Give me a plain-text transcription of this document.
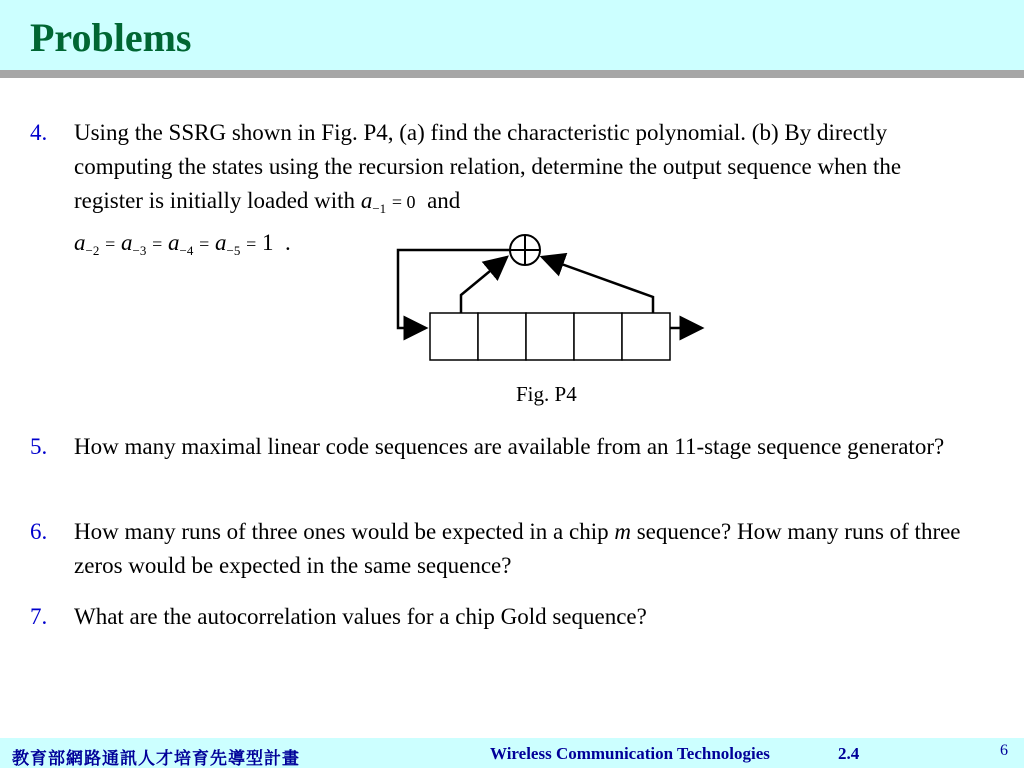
Problems
4. Using the SSRG shown in Fig. P4, (a) find the characteristic polynomial. (b) By directly computing the states using the recursion relation, determine the output sequence when the register is initially loaded with $a_{-1} = 0$ and
$a_{-2} = a_{-3} = a_{-4} = a_{-5} = 1$ .
Fig. P4
5. How many maximal linear code sequences are available from an 11-stage sequence generator?
6. How many runs of three ones would be expected in a chip m sequence? How many runs of three zeros would be expected in the same sequence?
7. What are the autocorrelation values for a chip Gold sequence?
教育部網路通訊人才培育先導型計畫	Wireless Communication Technologies	2.4	6
